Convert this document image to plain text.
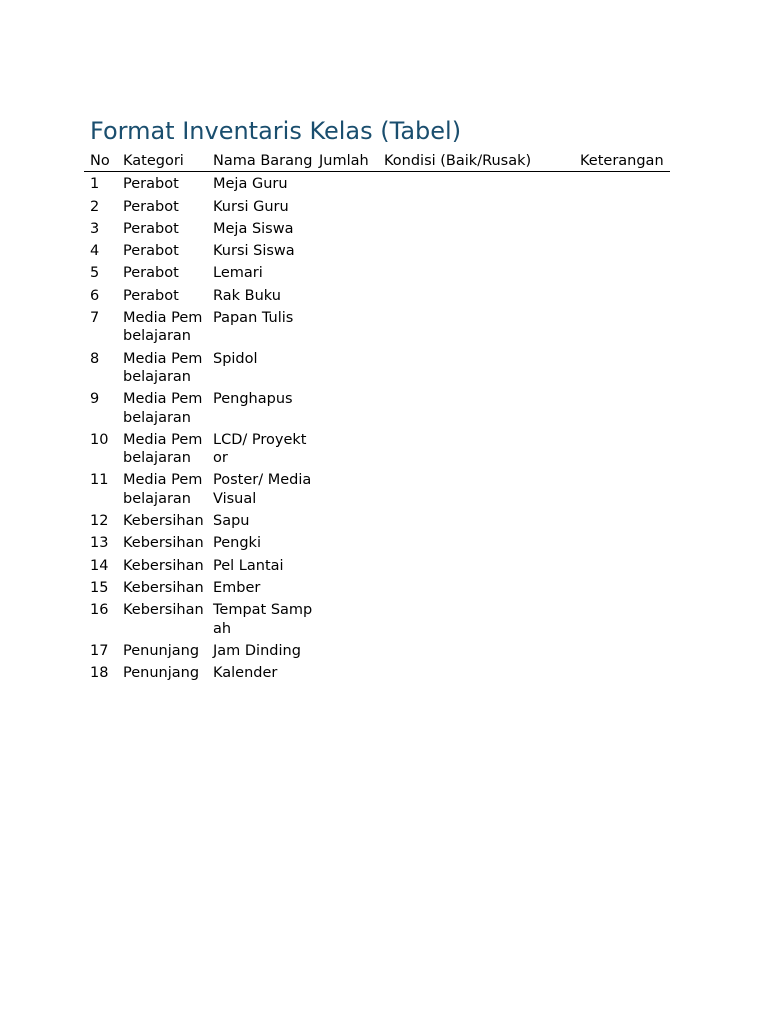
Format Inventaris Kelas (Tabel)
No	Kategori	Nama Barang	Jumlah	Kondisi (Baik/Rusak)	Keterangan
1	Perabot	Meja Guru			
2	Perabot	Kursi Guru			
3	Perabot	Meja Siswa			
4	Perabot	Kursi Siswa			
5	Perabot	Lemari			
6	Perabot	Rak Buku			
7	Media Pembelajaran	Papan Tulis			
8	Media Pembelajaran	Spidol			
9	Media Pembelajaran	Penghapus			
10	Media Pembelajaran	LCD/ Proyektor			
11	Media Pembelajaran	Poster/ Media Visual			
12	Kebersihan	Sapu			
13	Kebersihan	Pengki			
14	Kebersihan	Pel Lantai			
15	Kebersihan	Ember			
16	Kebersihan	Tempat Sampah			
17	Penunjang	Jam Dinding			
18	Penunjang	Kalender			
